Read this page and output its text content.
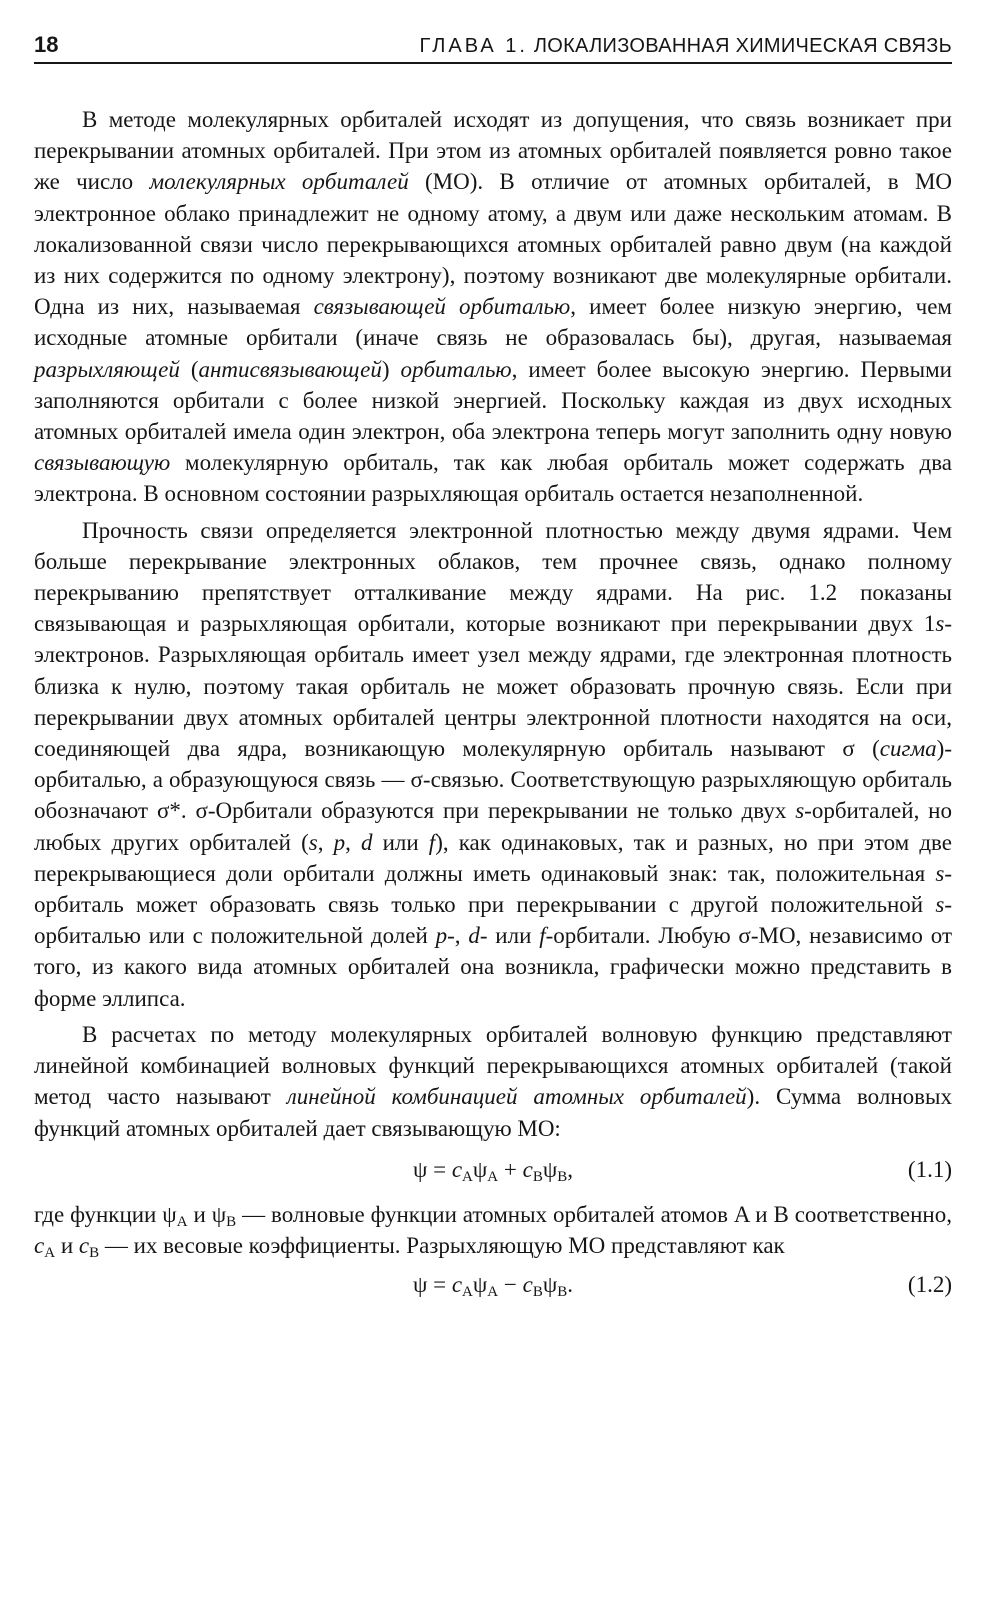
18	ГЛАВА 1. ЛОКАЛИЗОВАННАЯ ХИМИЧЕСКАЯ СВЯЗЬ

В методе молекулярных орбиталей исходят из допущения, что связь возникает при перекрывании атомных орбиталей. При этом из атомных орбиталей появляется ровно такое же число молекулярных орбиталей (МО). В отличие от атомных орбиталей, в МО электронное облако принадлежит не одному атому, а двум или даже нескольким атомам. В локализованной связи число перекрывающихся атомных орбиталей равно двум (на каждой из них содержится по одному электрону), поэтому возникают две молекулярные орбитали. Одна из них, называемая связывающей орбиталью, имеет более низкую энергию, чем исходные атомные орбитали (иначе связь не образовалась бы), другая, называемая разрыхляющей (антисвязывающей) орбиталью, имеет более высокую энергию. Первыми заполняются орбитали с более низкой энергией. Поскольку каждая из двух исходных атомных орбиталей имела один электрон, оба электрона теперь могут заполнить одну новую связывающую молекулярную орбиталь, так как любая орбиталь может содержать два электрона. В основном состоянии разрыхляющая орбиталь остается незаполненной.

Прочность связи определяется электронной плотностью между двумя ядрами. Чем больше перекрывание электронных облаков, тем прочнее связь, однако полному перекрыванию препятствует отталкивание между ядрами. На рис. 1.2 показаны связывающая и разрыхляющая орбитали, которые возникают при перекрывании двух 1s-электронов. Разрыхляющая орбиталь имеет узел между ядрами, где электронная плотность близка к нулю, поэтому такая орбиталь не может образовать прочную связь. Если при перекрывании двух атомных орбиталей центры электронной плотности находятся на оси, соединяющей два ядра, возникающую молекулярную орбиталь называют σ (сигма)-орбиталью, а образующуюся связь — σ-связью. Соответствующую разрыхляющую орбиталь обозначают σ*. σ-Орбитали образуются при перекрывании не только двух s-орбиталей, но любых других орбиталей (s, p, d или f), как одинаковых, так и разных, но при этом две перекрывающиеся доли орбитали должны иметь одинаковый знак: так, положительная s-орбиталь может образовать связь только при перекрывании с другой положительной s-орбиталью или с положительной долей p-, d- или f-орбитали. Любую σ-МО, независимо от того, из какого вида атомных орбиталей она возникла, графически можно представить в форме эллипса.

В расчетах по методу молекулярных орбиталей волновую функцию представляют линейной комбинацией волновых функций перекрывающихся атомных орбиталей (такой метод часто называют линейной комбинацией атомных орбиталей). Сумма волновых функций атомных орбиталей дает связывающую МО:

$\psi = c_A\psi_A + c_B\psi_B$,	(1.1)

где функции $\psi_A$ и $\psi_B$ — волновые функции атомных орбиталей атомов A и B соответственно, $c_A$ и $c_B$ — их весовые коэффициенты. Разрыхляющую МО представляют как

$\psi = c_A\psi_A - c_B\psi_B$.	(1.2)
